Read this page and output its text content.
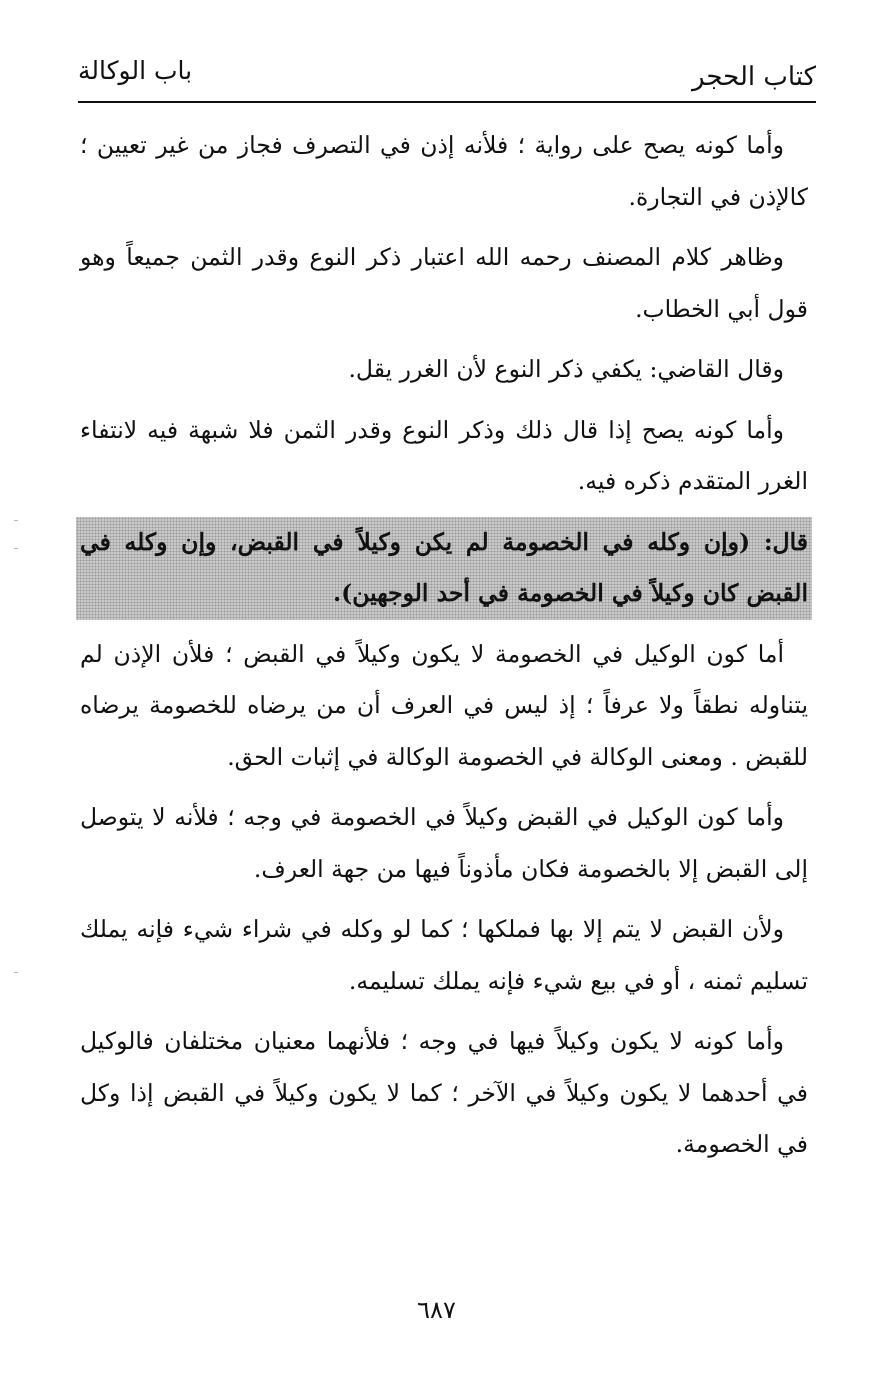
كتاب الحجر
باب الوكالة

وأما كونه يصح على رواية ؛ فلأنه إذن في التصرف فجاز من غير تعيين ؛ كالإذن في التجارة.

وظاهر كلام المصنف رحمه الله اعتبار ذكر النوع وقدر الثمن جميعاً وهو قول أبي الخطاب.

وقال القاضي: يكفي ذكر النوع لأن الغرر يقل.

وأما كونه يصح إذا قال ذلك وذكر النوع وقدر الثمن فلا شبهة فيه لانتفاء الغرر المتقدم ذكره فيه.

قال: (وإن وكله في الخصومة لم يكن وكيلاً في القبض، وإن وكله في القبض كان وكيلاً في الخصومة في أحد الوجهين).

أما كون الوكيل في الخصومة لا يكون وكيلاً في القبض ؛ فلأن الإذن لم يتناوله نطقاً ولا عرفاً ؛ إذ ليس في العرف أن من يرضاه للخصومة يرضاه للقبض . ومعنى الوكالة في الخصومة الوكالة في إثبات الحق.

وأما كون الوكيل في القبض وكيلاً في الخصومة في وجه ؛ فلأنه لا يتوصل إلى القبض إلا بالخصومة فكان مأذوناً فيها من جهة العرف.

ولأن القبض لا يتم إلا بها فملكها ؛ كما لو وكله في شراء شيء فإنه يملك تسليم ثمنه ، أو في بيع شيء فإنه يملك تسليمه.

وأما كونه لا يكون وكيلاً فيها في وجه ؛ فلأنهما معنيان مختلفان فالوكيل في أحدهما لا يكون وكيلاً في الآخر ؛ كما لا يكون وكيلاً في القبض إذا وكل في الخصومة.

٦٨٧
